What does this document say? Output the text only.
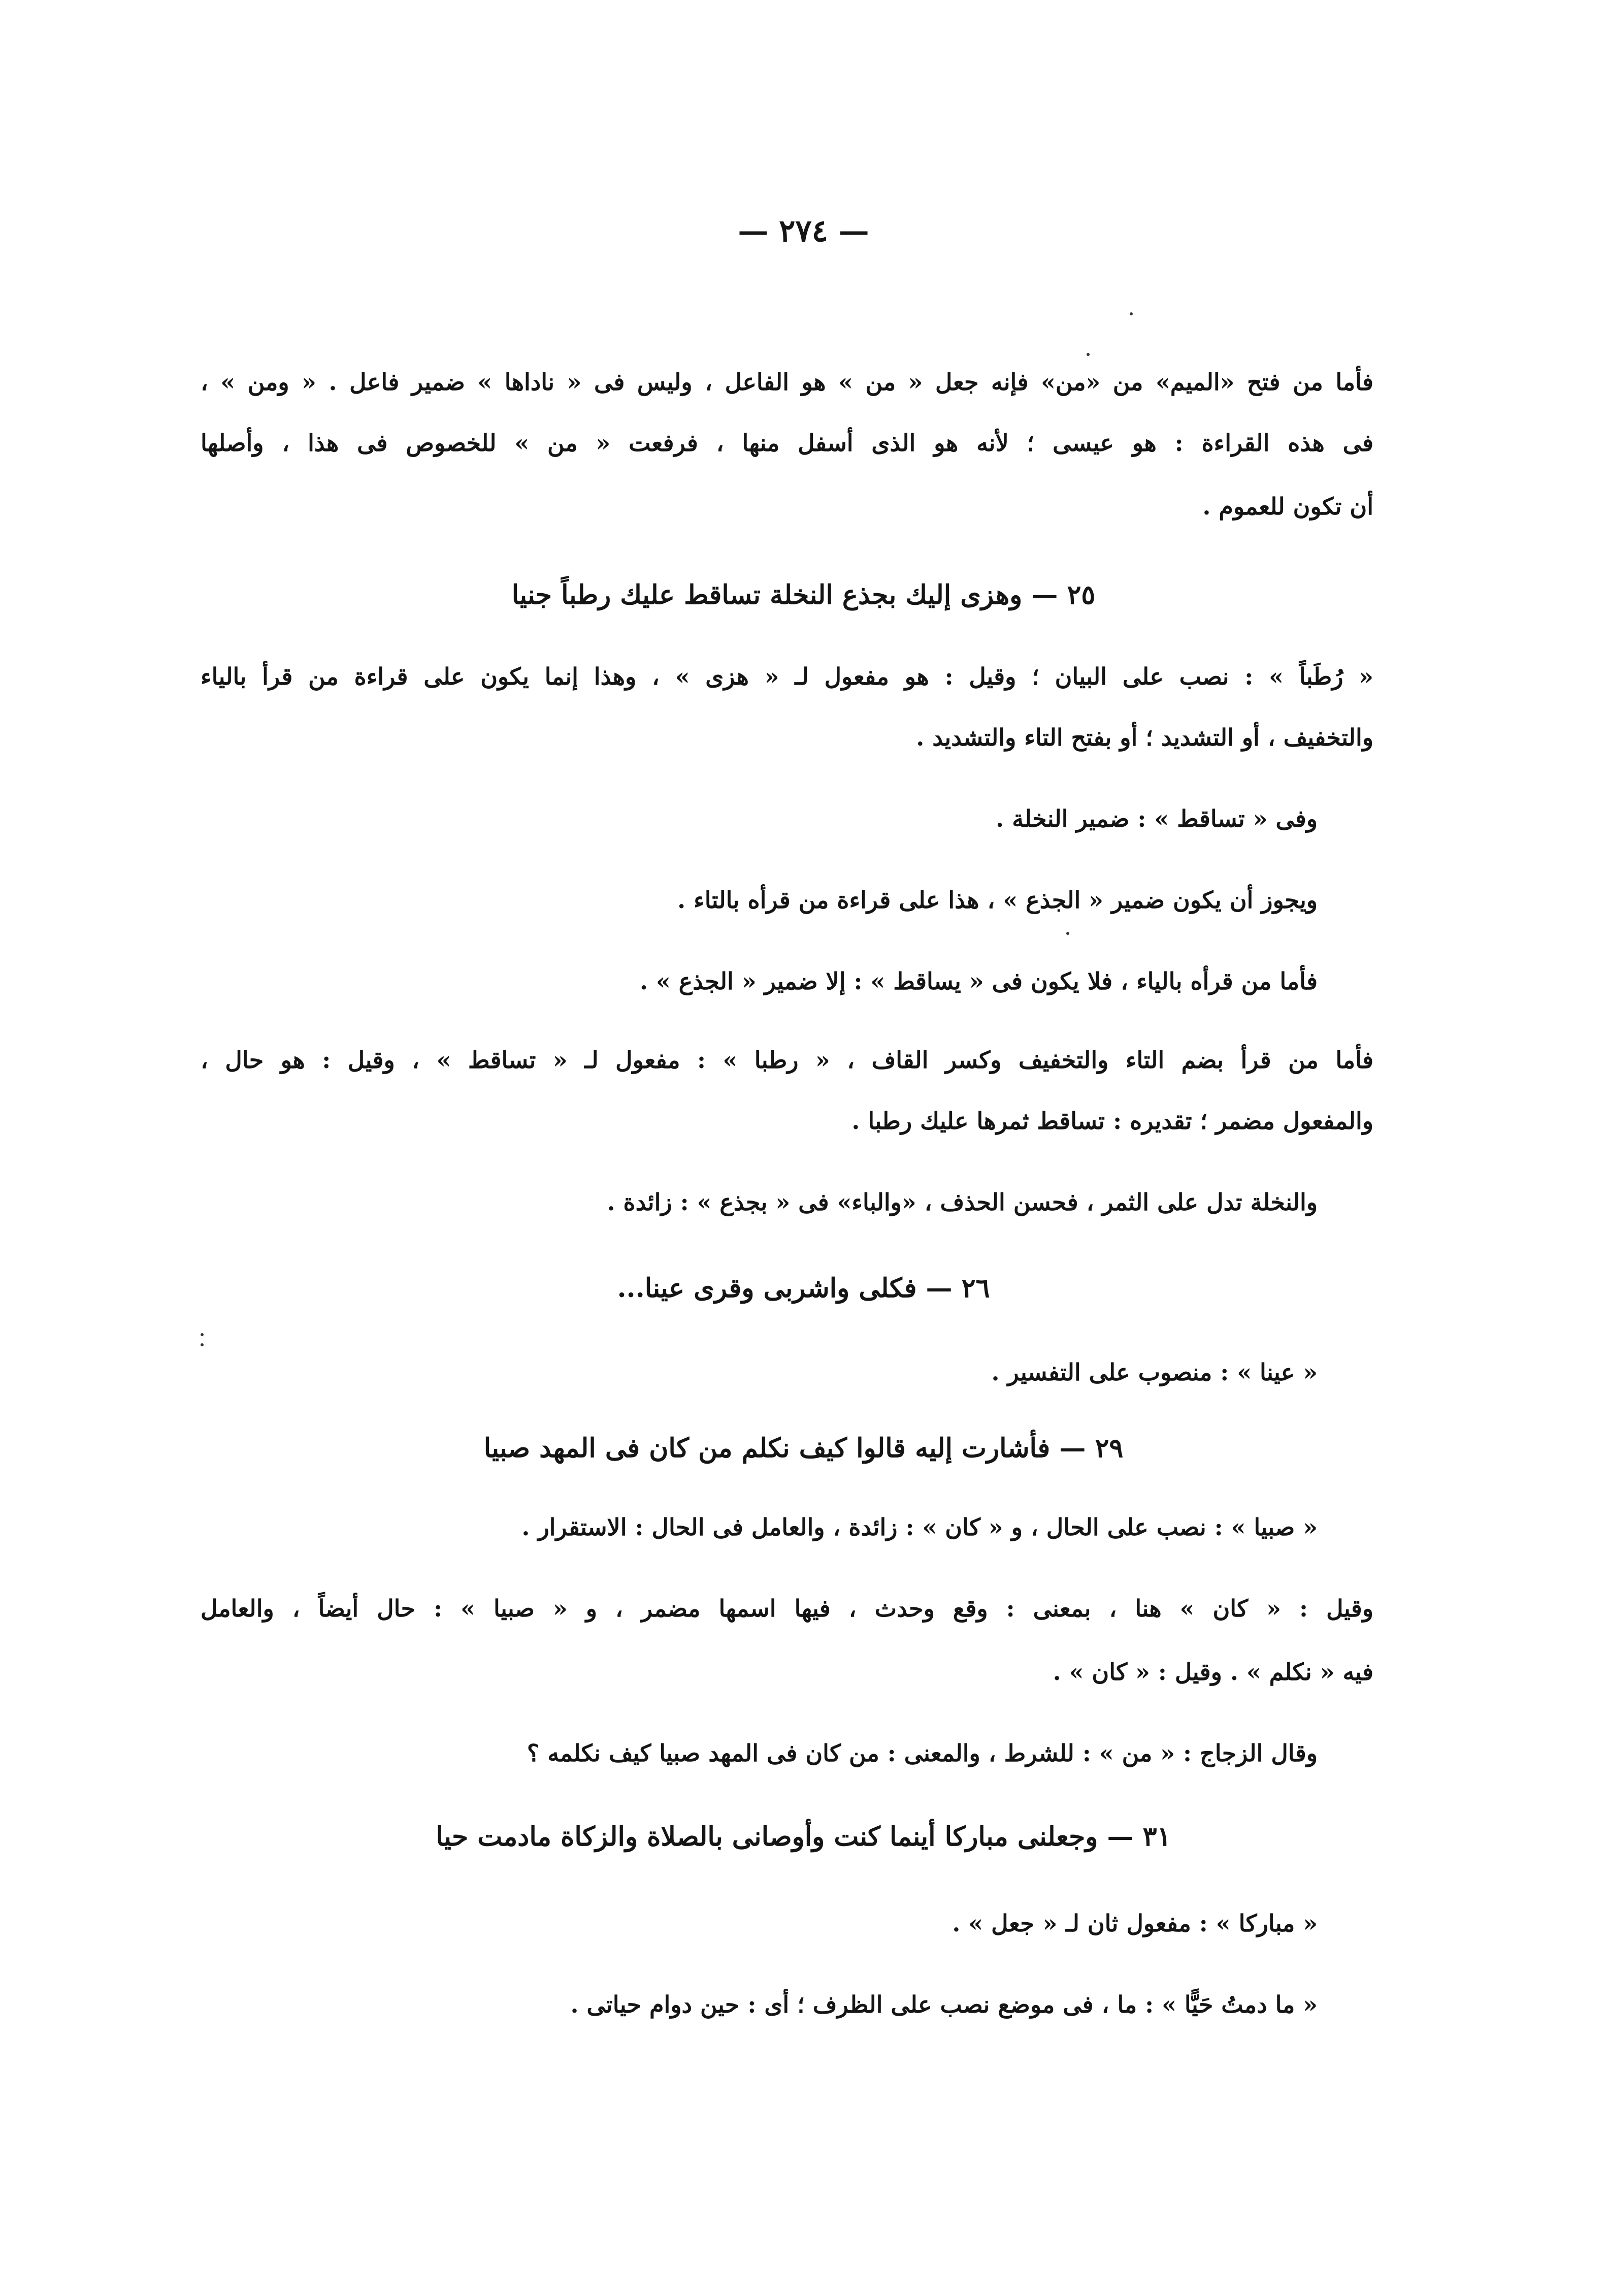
— ٢٧٤ —
فأما من فتح «الميم» من «من» فإنه جعل « من » هو الفاعل ، وليس فى « ناداها » ضمير فاعل . « ومن » ،
فى هذه القراءة : هو عيسى ؛ لأنه هو الذى أسفل منها ، فرفعت « من » للخصوص فى هذا ، وأصلها
أن تكون للعموم .
٢٥ — وهزى إليك بجذع النخلة تساقط عليك رطباً جنيا
« رُطَباً » : نصب على البيان ؛ وقيل : هو مفعول لـ « هزى » ، وهذا إنما يكون على قراءة من قرأ بالياء
والتخفيف ، أو التشديد ؛ أو بفتح التاء والتشديد .
وفى « تساقط » : ضمير النخلة .
ويجوز أن يكون ضمير « الجذع » ، هذا على قراءة من قرأه بالتاء .
فأما من قرأه بالياء ، فلا يكون فى « يساقط » : إلا ضمير « الجذع » .
فأما من قرأ بضم التاء والتخفيف وكسر القاف ، « رطبا » : مفعول لـ « تساقط » ، وقيل : هو حال ،
والمفعول مضمر ؛ تقديره : تساقط ثمرها عليك رطبا .
والنخلة تدل على الثمر ، فحسن الحذف ، «والباء» فى « بجذع » : زائدة .
٢٦ — فكلى واشربى وقرى عينا...
« عينا » : منصوب على التفسير .
٢٩ — فأشارت إليه قالوا كيف نكلم من كان فى المهد صبيا
« صبيا » : نصب على الحال ، و « كان » : زائدة ، والعامل فى الحال : الاستقرار .
وقيل : « كان » هنا ، بمعنى : وقع وحدث ، فيها اسمها مضمر ، و « صبيا » : حال أيضاً ، والعامل
فيه « نكلم » . وقيل : « كان » .
وقال الزجاج : « من » : للشرط ، والمعنى : من كان فى المهد صبيا كيف نكلمه ؟
٣١ — وجعلنى مباركا أينما كنت وأوصانى بالصلاة والزكاة مادمت حيا
« مباركا » : مفعول ثان لـ « جعل » .
« ما دمتُ حَيًّا » : ما ، فى موضع نصب على الظرف ؛ أى : حين دوام حياتى .
